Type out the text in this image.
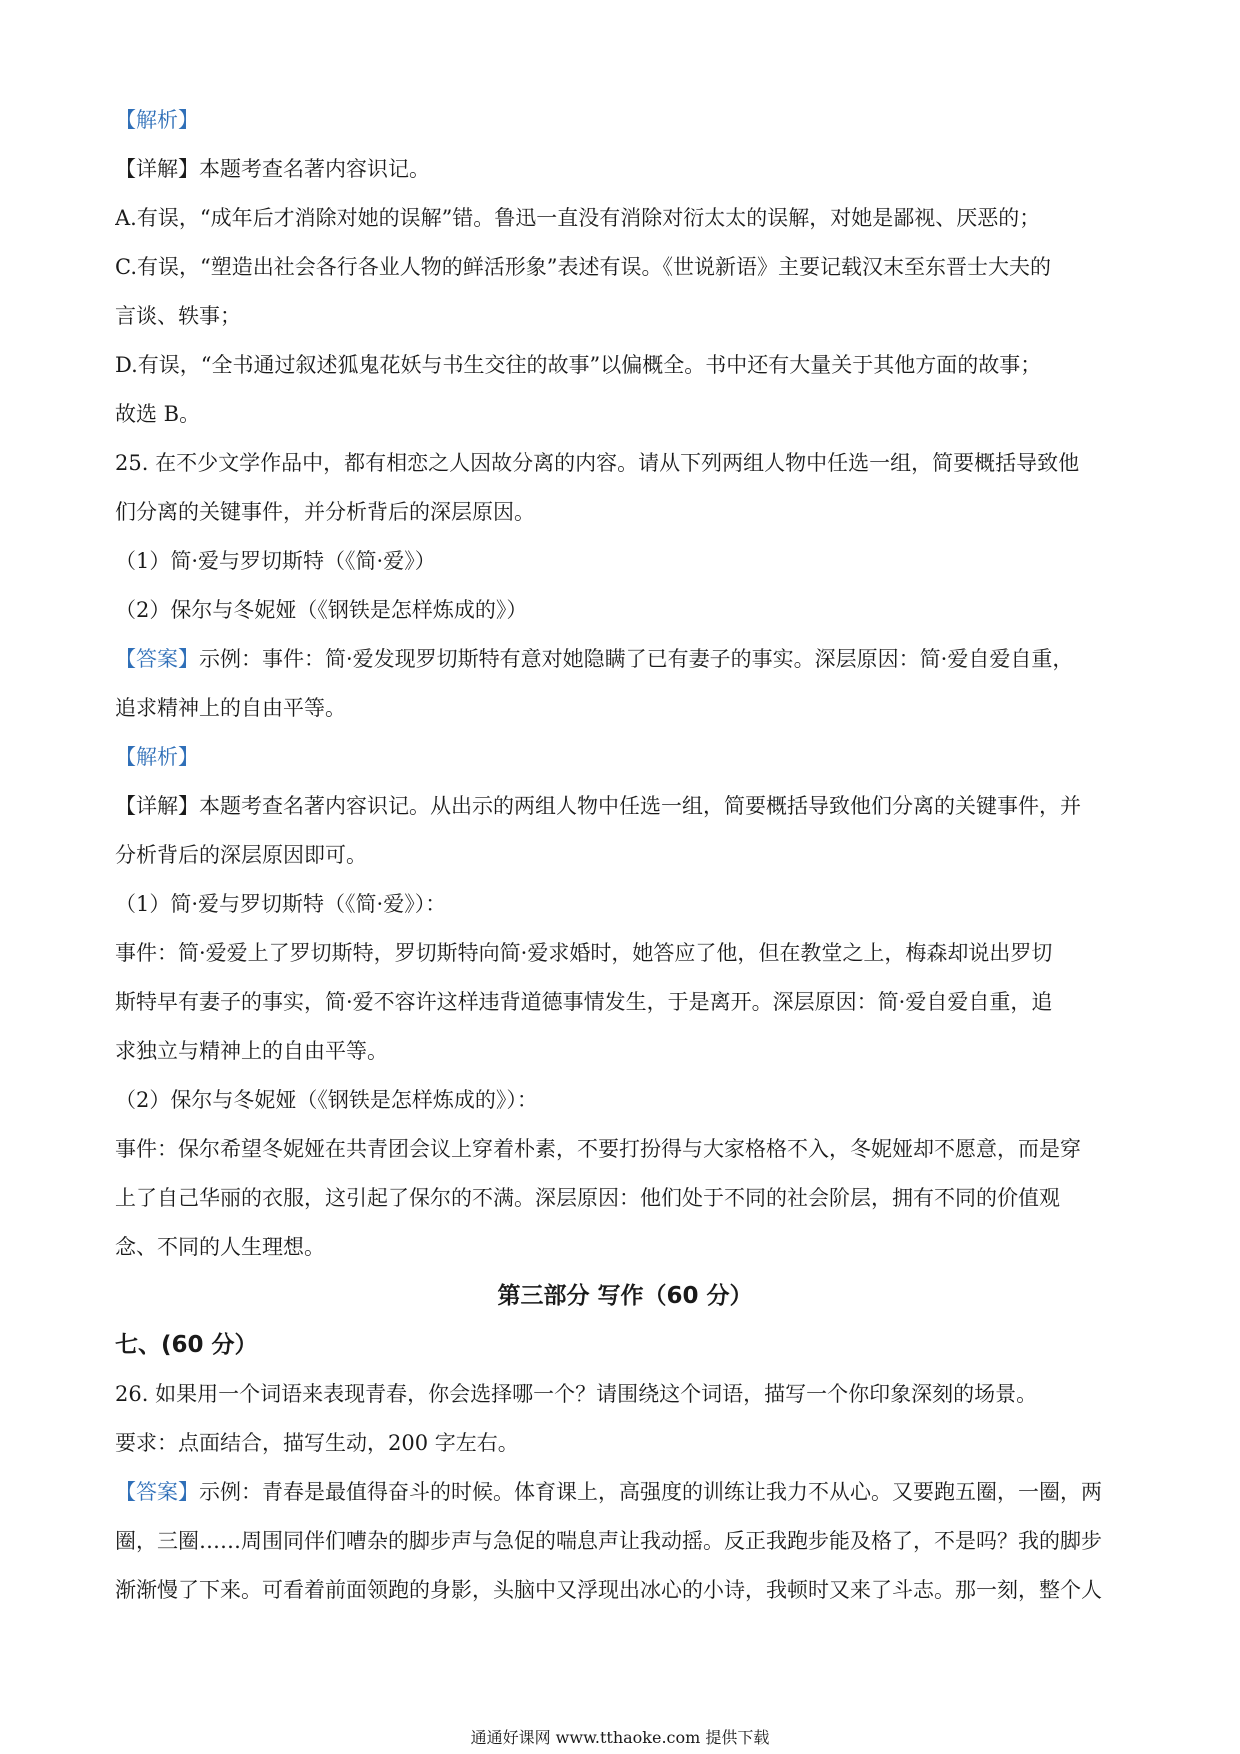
【解析】
【详解】本题考查名著内容识记。
A.有误，“成年后才消除对她的误解”错。鲁迅一直没有消除对衍太太的误解，对她是鄙视、厌恶的；
C.有误，“塑造出社会各行各业人物的鲜活形象”表述有误。《世说新语》主要记载汉末至东晋士大夫的
言谈、轶事；
D.有误，“全书通过叙述狐鬼花妖与书生交往的故事”以偏概全。书中还有大量关于其他方面的故事；
故选 B。
25. 在不少文学作品中，都有相恋之人因故分离的内容。请从下列两组人物中任选一组，简要概括导致他
们分离的关键事件，并分析背后的深层原因。
（1）简·爱与罗切斯特（《简·爱》）
（2）保尔与冬妮娅（《钢铁是怎样炼成的》）
【答案】示例：事件：简·爱发现罗切斯特有意对她隐瞒了已有妻子的事实。深层原因：简·爱自爱自重，
追求精神上的自由平等。
【解析】
【详解】本题考查名著内容识记。从出示的两组人物中任选一组，简要概括导致他们分离的关键事件，并
分析背后的深层原因即可。
（1）简·爱与罗切斯特（《简·爱》）：
事件：简·爱爱上了罗切斯特，罗切斯特向简·爱求婚时，她答应了他，但在教堂之上，梅森却说出罗切
斯特早有妻子的事实，简·爱不容许这样违背道德事情发生，于是离开。深层原因：简·爱自爱自重，追
求独立与精神上的自由平等。
（2）保尔与冬妮娅（《钢铁是怎样炼成的》）：
事件：保尔希望冬妮娅在共青团会议上穿着朴素，不要打扮得与大家格格不入，冬妮娅却不愿意，而是穿
上了自己华丽的衣服，这引起了保尔的不满。深层原因：他们处于不同的社会阶层，拥有不同的价值观
念、不同的人生理想。
第三部分 写作（60 分）
七、(60 分）
26. 如果用一个词语来表现青春，你会选择哪一个？请围绕这个词语，描写一个你印象深刻的场景。
要求：点面结合，描写生动，200 字左右。
【答案】示例：青春是最值得奋斗的时候。体育课上，高强度的训练让我力不从心。又要跑五圈，一圈，两
圈，三圈……周围同伴们嘈杂的脚步声与急促的喘息声让我动摇。反正我跑步能及格了，不是吗？我的脚步
渐渐慢了下来。可看着前面领跑的身影，头脑中又浮现出冰心的小诗，我顿时又来了斗志。那一刻，整个人
通通好课网 www.tthaoke.com 提供下载
